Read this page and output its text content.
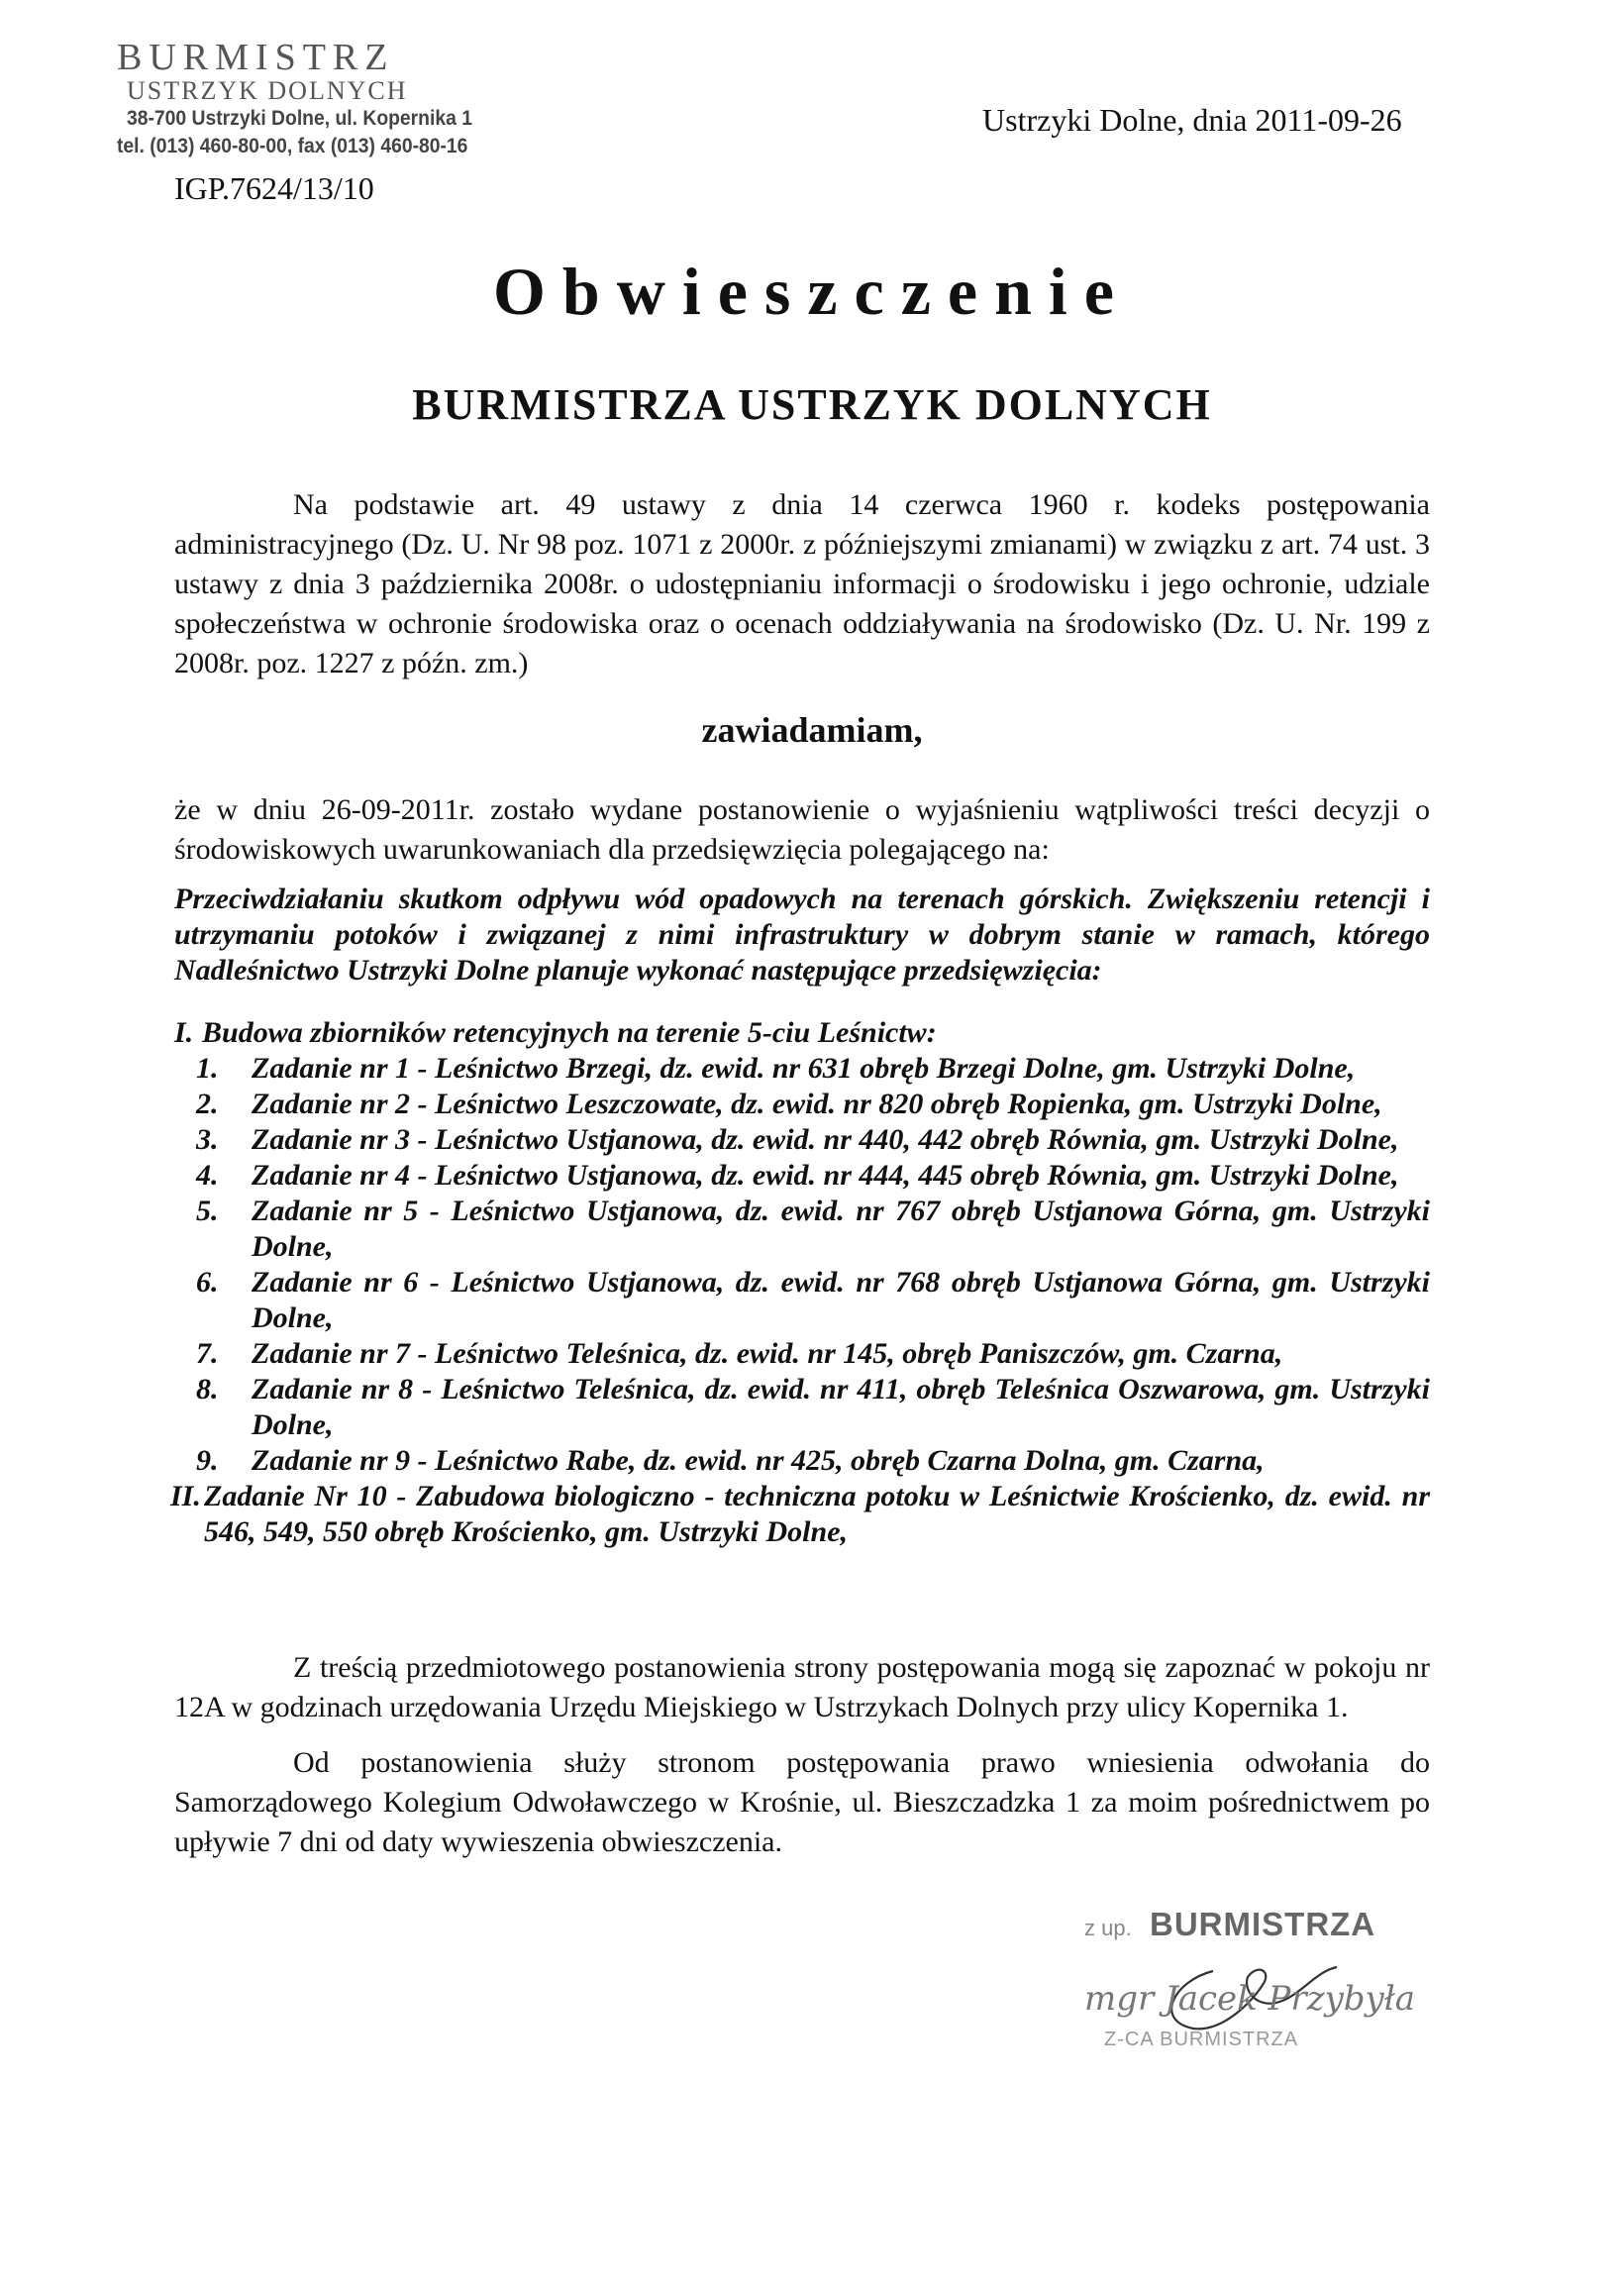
BURMISTRZ
USTRZYK DOLNYCH
38-700 Ustrzyki Dolne, ul. Kopernika 1
tel. (013) 460-80-00, fax (013) 460-80-16
Ustrzyki Dolne, dnia 2011-09-26
IGP.7624/13/10
Obwieszczenie
BURMISTRZA USTRZYK DOLNYCH
Na podstawie art. 49 ustawy z dnia 14 czerwca 1960 r. kodeks postępowania administracyjnego (Dz. U. Nr 98 poz. 1071 z 2000r. z późniejszymi zmianami) w związku z art. 74 ust. 3 ustawy z dnia 3 października 2008r. o udostępnianiu informacji o środowisku i jego ochronie, udziale społeczeństwa w ochronie środowiska oraz o ocenach oddziaływania na środowisko (Dz. U. Nr. 199 z 2008r. poz. 1227 z późn. zm.)
zawiadamiam,
że w dniu 26-09-2011r. zostało wydane postanowienie o wyjaśnieniu wątpliwości treści decyzji o środowiskowych uwarunkowaniach dla przedsięwzięcia polegającego na:
Przeciwdziałaniu skutkom odpływu wód opadowych na terenach górskich. Zwiększeniu retencji i utrzymaniu potoków i związanej z nimi infrastruktury w dobrym stanie w ramach, którego Nadleśnictwo Ustrzyki Dolne planuje wykonać następujące przedsięwzięcia:
I. Budowa zbiorników retencyjnych na terenie 5-ciu Leśnictw:
1.	Zadanie nr 1 - Leśnictwo Brzegi, dz. ewid. nr 631 obręb Brzegi Dolne, gm. Ustrzyki Dolne,
2.	Zadanie nr 2 - Leśnictwo Leszczowate, dz. ewid. nr 820 obręb Ropienka, gm. Ustrzyki Dolne,
3.	Zadanie nr 3 - Leśnictwo Ustjanowa, dz. ewid. nr 440, 442 obręb Równia, gm. Ustrzyki Dolne,
4.	Zadanie nr 4 - Leśnictwo Ustjanowa, dz. ewid. nr 444, 445 obręb Równia, gm. Ustrzyki Dolne,
5.	Zadanie nr 5 - Leśnictwo Ustjanowa, dz. ewid. nr 767 obręb Ustjanowa Górna, gm. Ustrzyki Dolne,
6.	Zadanie nr 6 - Leśnictwo Ustjanowa, dz. ewid. nr 768 obręb Ustjanowa Górna, gm. Ustrzyki Dolne,
7.	Zadanie nr 7 - Leśnictwo Teleśnica, dz. ewid. nr 145, obręb Paniszczów, gm. Czarna,
8.	Zadanie nr 8 - Leśnictwo Teleśnica, dz. ewid. nr 411, obręb Teleśnica Oszwarowa, gm. Ustrzyki Dolne,
9.	Zadanie nr 9 - Leśnictwo Rabe, dz. ewid. nr 425, obręb Czarna Dolna, gm. Czarna,
II. Zadanie Nr 10 - Zabudowa biologiczno - techniczna potoku w Leśnictwie Krościenko, dz. ewid. nr 546, 549, 550 obręb Krościenko, gm. Ustrzyki Dolne,
Z treścią przedmiotowego postanowienia strony postępowania mogą się zapoznać w pokoju nr 12A w godzinach urzędowania Urzędu Miejskiego w Ustrzykach Dolnych przy ulicy Kopernika 1.
Od postanowienia służy stronom postępowania prawo wniesienia odwołania do Samorządowego Kolegium Odwoławczego w Krośnie, ul. Bieszczadzka 1 za moim pośrednictwem po upływie 7 dni od daty wywieszenia obwieszczenia.
z up. BURMISTRZA
mgr Jacek Przybyła
Z-CA BURMISTRZA
